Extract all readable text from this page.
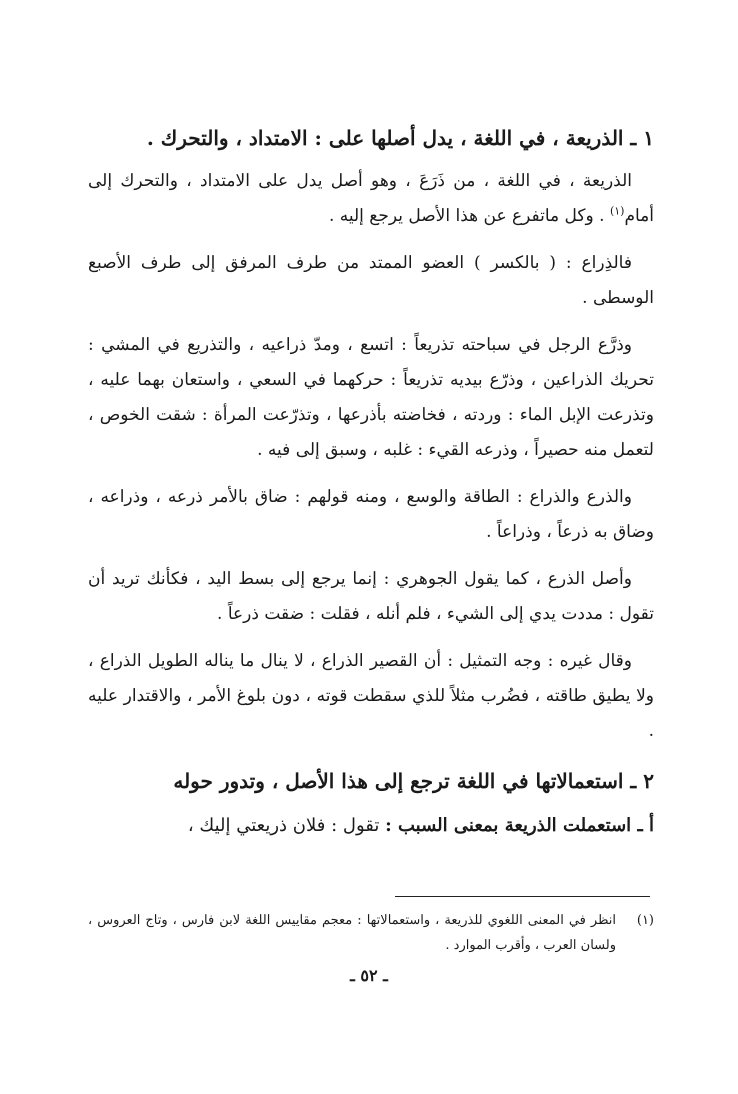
١ ـ الذريعة ، في اللغة ، يدل أصلها على : الامتداد ، والتحرك .

الذريعة ، في اللغة ، من ذَرَعَ ، وهو أصل يدل على الامتداد ، والتحرك إلى أمام$^{(١)}$ . وكل ماتفرع عن هذا الأصل يرجع إليه .

فالذِراع : ( بالكسر ) العضو الممتد من طرف المرفق إلى طرف الأصبع الوسطى .

وذرَّع الرجل في سباحته تذريعاً : اتسع ، ومدّ ذراعيه ، والتذريع في المشي : تحريك الذراعين ، وذرّع بيديه تذريعاً : حركهما في السعي ، واستعان بهما عليه ، وتذرعت الإبل الماء : وردته ، فخاضته بأذرعها ، وتذرّعت المرأة : شقت الخوص ، لتعمل منه حصيراً ، وذرعه القيء : غلبه ، وسبق إلى فيه .

والذرع والذراع : الطاقة والوسع ، ومنه قولهم : ضاق بالأمر ذرعه ، وذراعه ، وضاق به ذرعاً ، وذراعاً .

وأصل الذرع ، كما يقول الجوهري : إنما يرجع إلى بسط اليد ، فكأنك تريد أن تقول : مددت يدي إلى الشيء ، فلم أنله ، فقلت : ضقت ذرعاً .

وقال غيره : وجه التمثيل : أن القصير الذراع ، لا ينال ما يناله الطويل الذراع ، ولا يطيق طاقته ، فضُرب مثلاً للذي سقطت قوته ، دون بلوغ الأمر ، والاقتدار عليه .

٢ ـ استعمالاتها في اللغة ترجع إلى هذا الأصل ، وتدور حوله

أ ـ استعملت الذريعة بمعنى السبب : تقول : فلان ذريعتي إليك ،

(١)
انظر في المعنى اللغوي للذريعة ، واستعمالاتها : معجم مقاييس اللغة لابن فارس ، وتاج العروس ، ولسان العرب ، وأقرب الموارد .
ـ ٥٢ ـ
